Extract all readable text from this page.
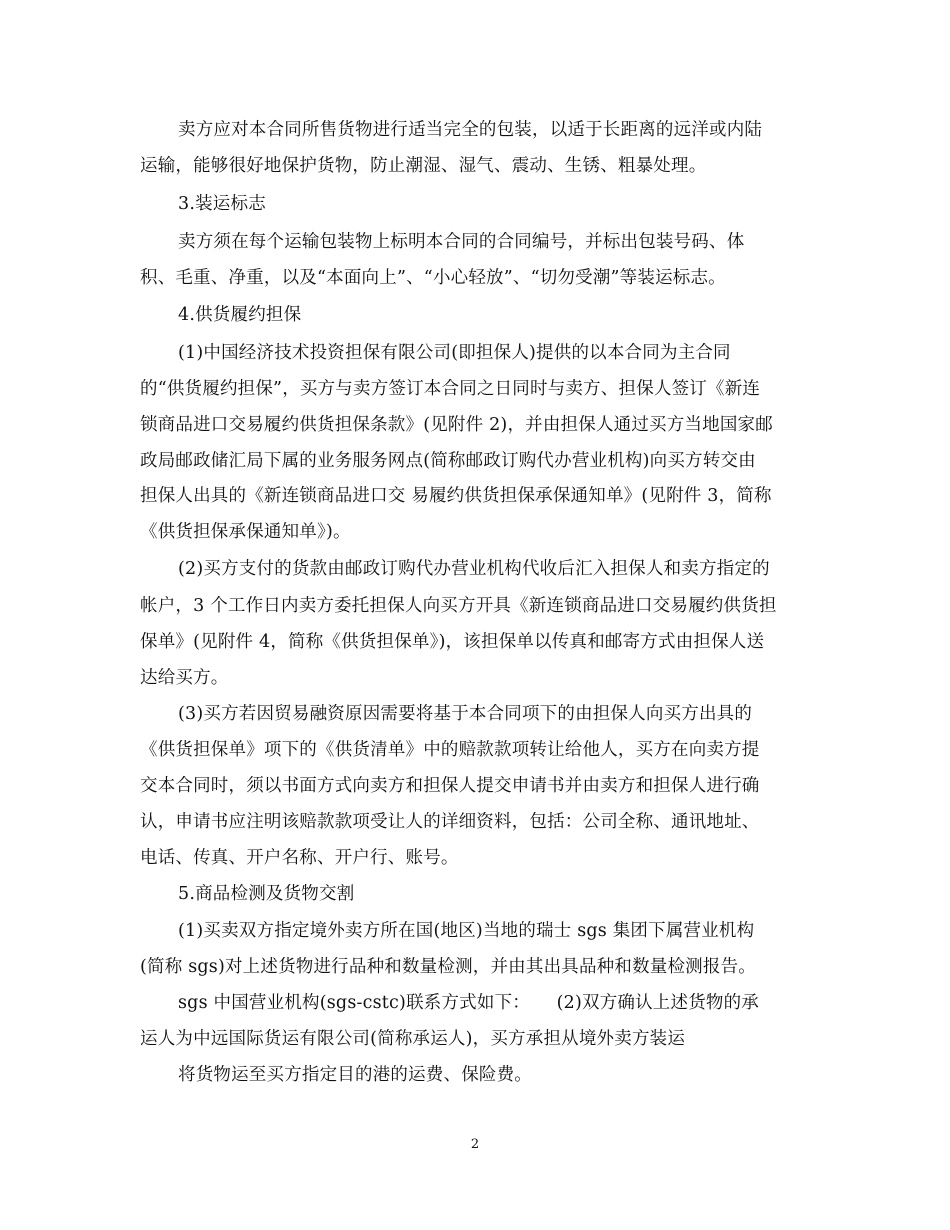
卖方应对本合同所售货物进行适当完全的包装，以适于长距离的远洋或内陆
运输，能够很好地保护货物，防止潮湿、湿气、震动、生锈、粗暴处理。
3.装运标志
卖方须在每个运输包装物上标明本合同的合同编号，并标出包装号码、体
积、毛重、净重，以及“本面向上”、“小心轻放”、“切勿受潮”等装运标志。
4.供货履约担保
(1)中国经济技术投资担保有限公司(即担保人)提供的以本合同为主合同
的“供货履约担保”，买方与卖方签订本合同之日同时与卖方、担保人签订《新连
锁商品进口交易履约供货担保条款》(见附件 2)，并由担保人通过买方当地国家邮
政局邮政储汇局下属的业务服务网点(简称邮政订购代办营业机构)向买方转交由
担保人出具的《新连锁商品进口交 易履约供货担保承保通知单》(见附件 3，简称
《供货担保承保通知单》)。
(2)买方支付的货款由邮政订购代办营业机构代收后汇入担保人和卖方指定的
帐户，3 个工作日内卖方委托担保人向买方开具《新连锁商品进口交易履约供货担
保单》(见附件 4，简称《供货担保单》)，该担保单以传真和邮寄方式由担保人送
达给买方。
(3)买方若因贸易融资原因需要将基于本合同项下的由担保人向买方出具的
《供货担保单》项下的《供货清单》中的赔款款项转让给他人，买方在向卖方提
交本合同时，须以书面方式向卖方和担保人提交申请书并由卖方和担保人进行确
认，申请书应注明该赔款款项受让人的详细资料，包括：公司全称、通讯地址、
电话、传真、开户名称、开户行、账号。
5.商品检测及货物交割
(1)买卖双方指定境外卖方所在国(地区)当地的瑞士 sgs 集团下属营业机构
(简称 sgs)对上述货物进行品种和数量检测，并由其出具品种和数量检测报告。
sgs 中国营业机构(sgs-cstc)联系方式如下：　　(2)双方确认上述货物的承
运人为中远国际货运有限公司(简称承运人)，买方承担从境外卖方装运
将货物运至买方指定目的港的运费、保险费。
2
